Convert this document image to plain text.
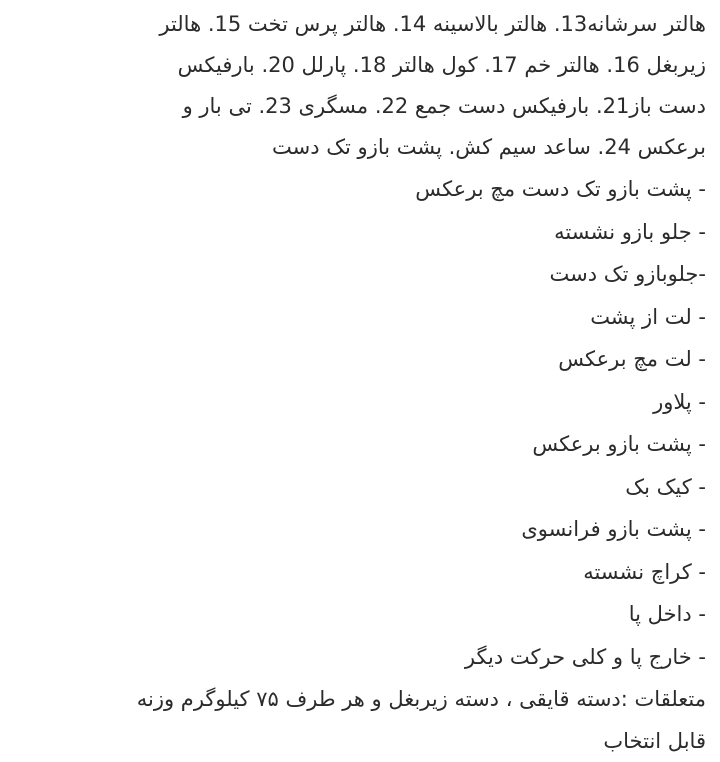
هالتر سرشانه13. هالتر بالاسینه 14. هالتر پرس تخت 15. هالتر
زیربغل 16. هالتر خم 17. کول هالتر 18. پارلل 20. بارفیکس
دست باز21. بارفیکس دست جمع 22. مسگری 23. تی بار و
برعکس 24. ساعد سیم کش. پشت بازو تک دست
- پشت بازو تک دست مچ برعکس
- جلو بازو نشسته
-جلوبازو تک دست
- لت از پشت
- لت مچ برعکس
- پلاور
- پشت بازو برعکس
- کیک بک
- پشت بازو فرانسوی
- کراچ نشسته
- داخل پا
- خارج پا و کلی حرکت دیگر
متعلقات :دسته قایقی ، دسته زیربغل و هر طرف ۷۵ کیلوگرم وزنه
قابل انتخاب
